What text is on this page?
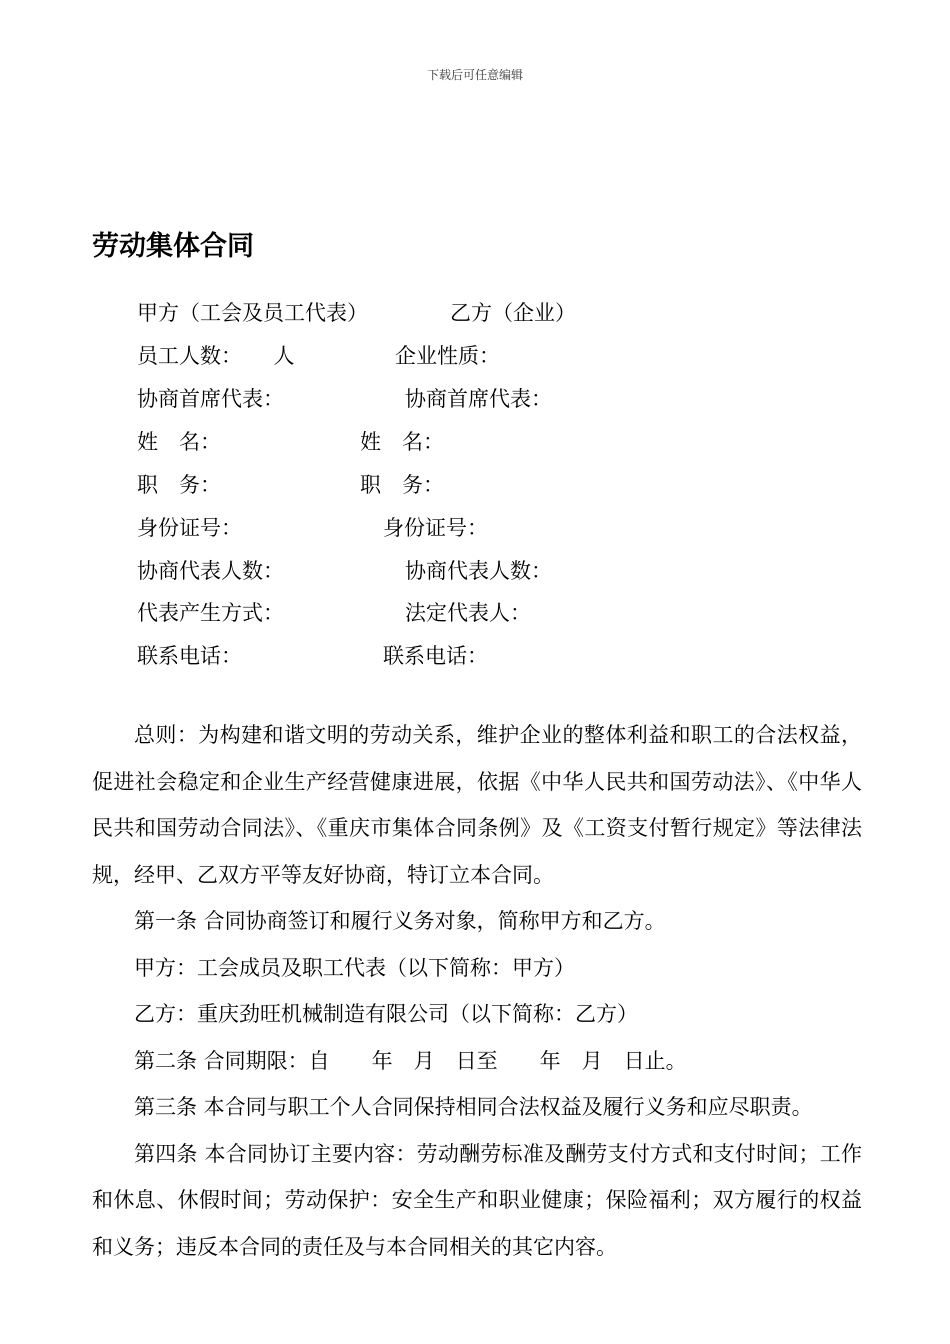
下载后可任意编辑
劳动集体合同
甲方（工会及员工代表）	乙方（企业）
员工人数：　　人	企业性质：
协商首席代表：	协商首席代表：
姓　名：	姓　名：
职　务：	职　务：
身份证号：	身份证号：
协商代表人数：	协商代表人数：
代表产生方式：	法定代表人：
联系电话：	联系电话：

总则：为构建和谐文明的劳动关系，维护企业的整体利益和职工的合法权益，促进社会稳定和企业生产经营健康进展，依据《中华人民共和国劳动法》、《中华人民共和国劳动合同法》、《重庆市集体合同条例》及《工资支付暂行规定》等法律法规，经甲、乙双方平等友好协商，特订立本合同。

第一条 合同协商签订和履行义务对象，简称甲方和乙方。

甲方：工会成员及职工代表（以下简称：甲方）

乙方：重庆劲旺机械制造有限公司（以下简称：乙方）

第二条 合同期限：自　　年　月　日至　　年　月　日止。

第三条 本合同与职工个人合同保持相同合法权益及履行义务和应尽职责。

第四条 本合同协订主要内容：劳动酬劳标准及酬劳支付方式和支付时间；工作和休息、休假时间；劳动保护：安全生产和职业健康；保险福利；双方履行的权益和义务；违反本合同的责任及与本合同相关的其它内容。
